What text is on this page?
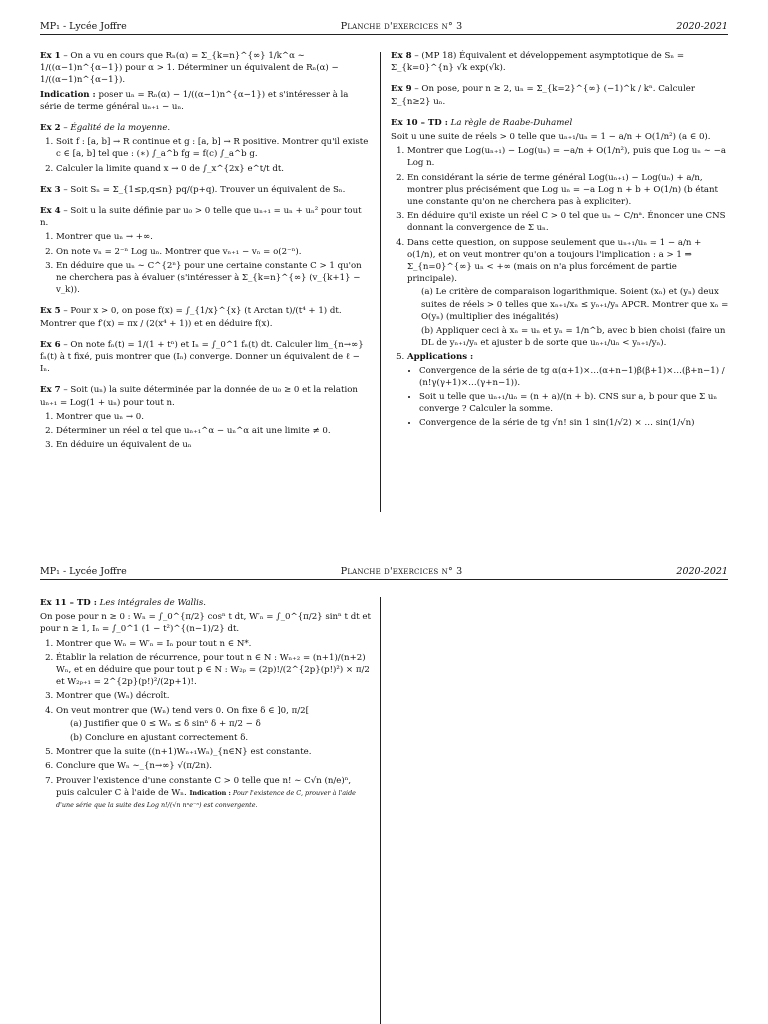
MP₁ - Lycée Joffre	Planche d'exercices n° 3	2020-2021

Ex 1 – On a vu en cours que Rₙ(α) = Σ_{k=n}^{∞} 1/k^α ∼ 1/((α−1)n^{α−1}) pour α > 1. Déterminer un équivalent de Rₙ(α) − 1/((α−1)n^{α−1}).

Indication : poser uₙ = Rₙ(α) − 1/((α−1)n^{α−1}) et s'intéresser à la série de terme général uₙ₊₁ − uₙ.

Ex 2 – Égalité de la moyenne.

1. Soit f : [a, b] → R continue et g : [a, b] → R positive. Montrer qu'il existe c ∈ [a, b] tel que : (∗) ∫_a^b fg = f(c) ∫_a^b g.
2. Calculer la limite quand x → 0 de ∫_x^{2x} e^t/t dt.

Ex 3 – Soit Sₙ = Σ_{1≤p,q≤n} pq/(p+q). Trouver un équivalent de Sₙ.

Ex 4 – Soit u la suite définie par u₀ > 0 telle que uₙ₊₁ = uₙ + uₙ² pour tout n.

1. Montrer que uₙ → +∞.
2. On note vₙ = 2⁻ⁿ Log uₙ. Montrer que vₙ₊₁ − vₙ = o(2⁻ⁿ).
3. En déduire que uₙ ∼ C^{2ⁿ} pour une certaine constante C > 1 qu'on ne cherchera pas à évaluer (s'intéresser à Σ_{k=n}^{∞} (v_{k+1} − v_k)).

Ex 5 – Pour x > 0, on pose f(x) = ∫_{1/x}^{x} (t Arctan t)/(t⁴ + 1) dt. Montrer que f′(x) = πx / (2(x⁴ + 1)) et en déduire f(x).

Ex 6 – On note fₙ(t) = 1/(1 + tⁿ) et Iₙ = ∫_0^1 fₙ(t) dt. Calculer lim_{n→∞} fₙ(t) à t fixé, puis montrer que (Iₙ) converge. Donner un équivalent de ℓ − Iₙ.

Ex 7 – Soit (uₙ) la suite déterminée par la donnée de u₀ ≥ 0 et la relation uₙ₊₁ = Log(1 + uₙ) pour tout n.

1. Montrer que uₙ → 0.
2. Déterminer un réel α tel que uₙ₊₁^α − uₙ^α ait une limite ≠ 0.
3. En déduire un équivalent de uₙ

Ex 8 – (MP 18) Équivalent et développement asymptotique de Sₙ = Σ_{k=0}^{n} √k exp(√k).

Ex 9 – On pose, pour n ≥ 2, uₙ = Σ_{k=2}^{∞} (−1)^k / kⁿ. Calculer Σ_{n≥2} uₙ.

Ex 10 – TD : La règle de Raabe-Duhamel

Soit u une suite de réels > 0 telle que uₙ₊₁/uₙ = 1 − a/n + O(1/n²) (a ∈ 0).

1. Montrer que Log(uₙ₊₁) − Log(uₙ) = −a/n + O(1/n²), puis que Log uₙ ∼ −a Log n.
2. En considérant la série de terme général Log(uₙ₊₁) − Log(uₙ) + a/n, montrer plus précisément que Log uₙ = −a Log n + b + O(1/n) (b étant une constante qu'on ne cherchera pas à expliciter).
3. En déduire qu'il existe un réel C > 0 tel que uₙ ∼ C/nᵃ. Énoncer une CNS donnant la convergence de Σ uₙ.
4. Dans cette question, on suppose seulement que uₙ₊₁/uₙ = 1 − a/n + o(1/n), et on veut montrer qu'on a toujours l'implication : a > 1 ⇒ Σ_{n=0}^{∞} uₙ < +∞ (mais on n'a plus forcément de partie principale).
(a) Le critère de comparaison logarithmique. Soient (xₙ) et (yₙ) deux suites de réels > 0 telles que xₙ₊₁/xₙ ≤ yₙ₊₁/yₙ APCR. Montrer que xₙ = O(yₙ) (multiplier des inégalités)
(b) Appliquer ceci à xₙ = uₙ et yₙ = 1/n^b, avec b bien choisi (faire un DL de yₙ₊₁/yₙ et ajuster b de sorte que uₙ₊₁/uₙ < yₙ₊₁/yₙ).
5. Applications :
• Convergence de la série de tg α(α+1)×…(α+n−1)β(β+1)×…(β+n−1) / (n!γ(γ+1)×…(γ+n−1)).
• Soit u telle que uₙ₊₁/uₙ = (n + a)/(n + b). CNS sur a, b pour que Σ uₙ converge ? Calculer la somme.
• Convergence de la série de tg √n! sin 1 sin(1/√2) × … sin(1/√n)
MP₁ - Lycée Joffre	Planche d'exercices n° 3	2020-2021

Ex 11 – TD : Les intégrales de Wallis.

On pose pour n ≥ 0 : Wₙ = ∫_0^{π/2} cosⁿ t dt, W′ₙ = ∫_0^{π/2} sinⁿ t dt et pour n ≥ 1, Iₙ = ∫_0^1 (1 − t²)^{(n−1)/2} dt.

1. Montrer que Wₙ = W′ₙ = Iₙ pour tout n ∈ N*.
2. Établir la relation de récurrence, pour tout n ∈ N : Wₙ₊₂ = (n+1)/(n+2) Wₙ, et en déduire que pour tout p ∈ N : W₂ₚ = (2p)!/(2^{2p}(p!)²) × π/2 et W₂ₚ₊₁ = 2^{2p}(p!)²/(2p+1)!.
3. Montrer que (Wₙ) décroît.
4. On veut montrer que (Wₙ) tend vers 0. On fixe δ ∈ ]0, π/2[
(a) Justifier que 0 ≤ Wₙ ≤ δ sinⁿ δ + π/2 − δ
(b) Conclure en ajustant correctement δ.
5. Montrer que la suite ((n+1)Wₙ₊₁Wₙ)_{n∈N} est constante.
6. Conclure que Wₙ ∼_{n→∞} √(π/2n).
7. Prouver l'existence d'une constante C > 0 telle que n! ∼ C√n (n/e)ⁿ, puis calculer C à l'aide de Wₙ. Indication : Pour l'existence de C, prouver à l'aide d'une série que la suite des Log n!/(√n nⁿe⁻ⁿ) est convergente.
